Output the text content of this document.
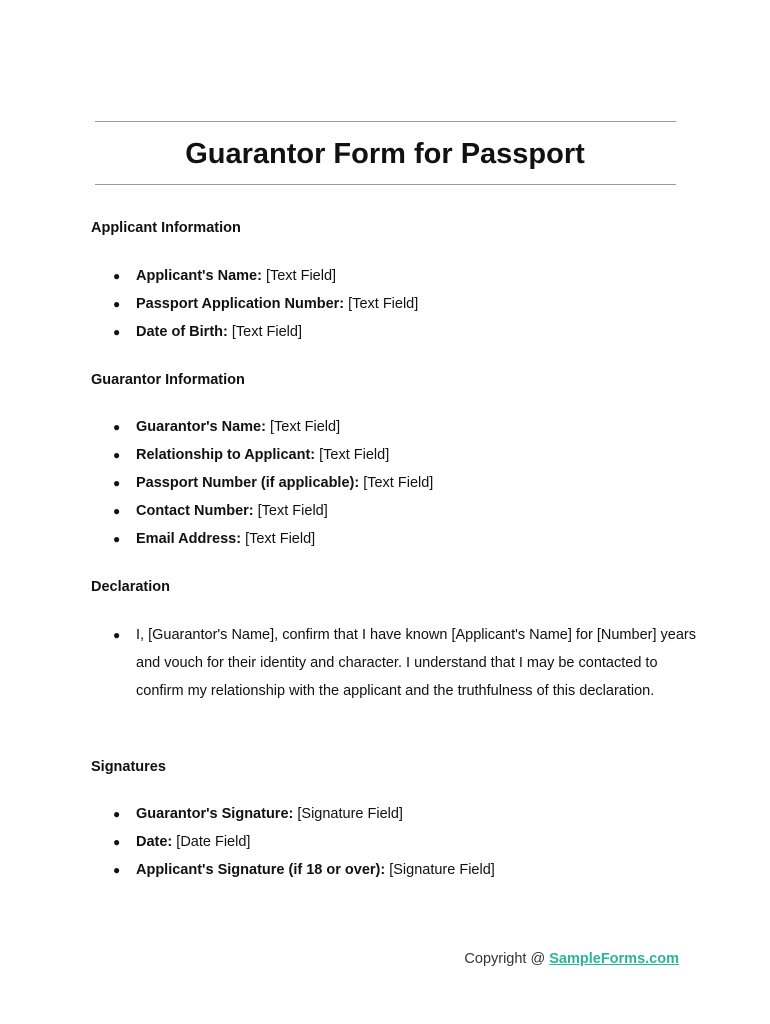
Guarantor Form for Passport
Applicant Information
● Applicant's Name: [Text Field]
● Passport Application Number: [Text Field]
● Date of Birth: [Text Field]
Guarantor Information
● Guarantor's Name: [Text Field]
● Relationship to Applicant: [Text Field]
● Passport Number (if applicable): [Text Field]
● Contact Number: [Text Field]
● Email Address: [Text Field]
Declaration
● I, [Guarantor's Name], confirm that I have known [Applicant's Name] for [Number] years and vouch for their identity and character. I understand that I may be contacted to confirm my relationship with the applicant and the truthfulness of this declaration.
Signatures
● Guarantor's Signature: [Signature Field]
● Date: [Date Field]
● Applicant's Signature (if 18 or over): [Signature Field]
Copyright @ SampleForms.com
